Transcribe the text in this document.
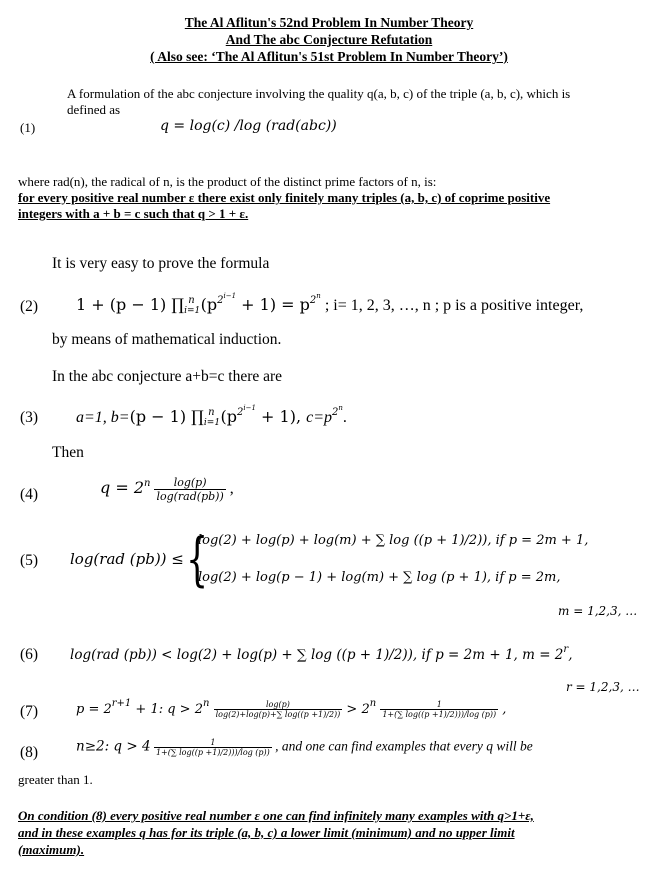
The Al Aflitun's 52nd Problem In Number Theory
And The abc Conjecture Refutation
( Also see: ‘The Al Aflitun's 51st Problem In Number Theory’)
A formulation of the abc conjecture involving the quality q(a, b, c) of the triple (a, b, c), which is
defined as
(1)	q = log(c) /log (rad(abc))
where rad(n), the radical of n, is the product of the distinct prime factors of n, is:
for every positive real number ε there exist only finitely many triples (a, b, c) of coprime positive
integers with a + b = c such that q > 1 + ε.
It is very easy to prove the formula
(2) 1 + (p − 1) $\prod_{i=1}^n$ $(p^{2i-1} + 1) = p^{2n}$ ; i= 1, 2, 3, …, n ; p is a positive integer,
by means of mathematical induction.
In the abc conjecture a+b=c there are
(3) a=1, b=(p − 1) $\prod_{i=1}^n$ $(p^{2i-1} + 1)$, $c=p^{2n}$.
Then
(4)	$q = 2^n \frac{\log(p)}{\text{log(rad(pb))}}$ ,
(5) log(rad (pb)) ≤ {
log(2) + log(p) + log(m) + ∑ log ((p + 1)/2)), if p = 2m + 1,
log(2) + log(p − 1) + log(m) + ∑ log (p + 1), if p = 2m,
m = 1,2,3, …
(6) log(rad (pb)) < log(2) + log(p) + ∑ log ((p + 1)/2)), if p = 2m + 1, $m = 2^r$,
r = 1,2,3, …
(7)	$p = 2^{r+1} + 1$: $q > 2^n \frac{\log(p)}{\log(2)+\log(p)+\sum \log((p +1)/2))} > 2^n \frac{1}{1+(\sum \log((p +1)/2)))/\log (p))}$ ,
(8)	n≥2: $q > 4 \frac{1}{1+(\sum \log((p +1)/2)))/\log (p))}$ , and one can find examples that every q will be
greater than 1.
On condition (8) every positive real number ε one can find infinitely many examples with q>1+ε,
and in these examples q has for its triple (a, b, c) a lower limit (minimum) and no upper limit
(maximum).
